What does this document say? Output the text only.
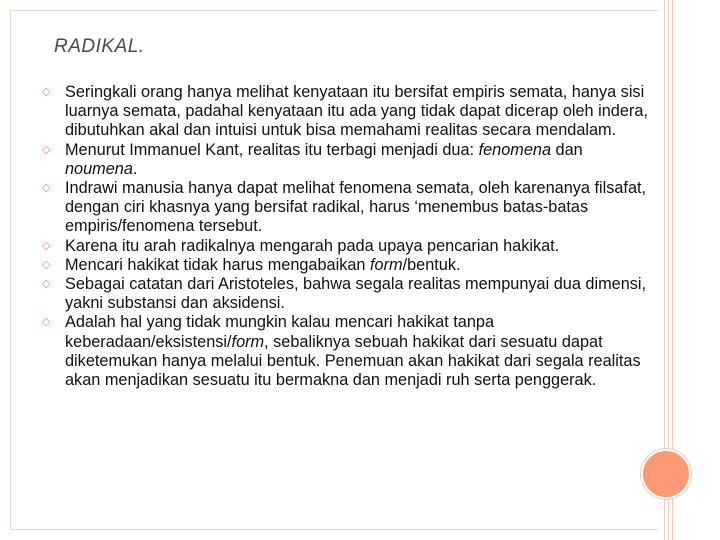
RADIKAL.
◇ Seringkali orang hanya melihat kenyataan itu bersifat empiris semata, hanya sisi luarnya semata, padahal kenyataan itu ada yang tidak dapat dicerap oleh indera, dibutuhkan akal dan intuisi untuk bisa memahami realitas secara mendalam.
◇ Menurut Immanuel Kant, realitas itu terbagi menjadi dua: fenomena dan noumena.
◇ Indrawi manusia hanya dapat melihat fenomena semata, oleh karenanya filsafat, dengan ciri khasnya yang bersifat radikal, harus ‘menembus batas-batas empiris/fenomena tersebut.
◇ Karena itu arah radikalnya mengarah pada upaya pencarian hakikat.
◇ Mencari hakikat tidak harus mengabaikan form/bentuk.
◇ Sebagai catatan dari Aristoteles, bahwa segala realitas mempunyai dua dimensi, yakni substansi dan aksidensi.
◇ Adalah hal yang tidak mungkin kalau mencari hakikat tanpa keberadaan/eksistensi/form, sebaliknya sebuah hakikat dari sesuatu dapat diketemukan hanya melalui bentuk. Penemuan akan hakikat dari segala realitas akan menjadikan sesuatu itu bermakna dan menjadi ruh serta penggerak.
